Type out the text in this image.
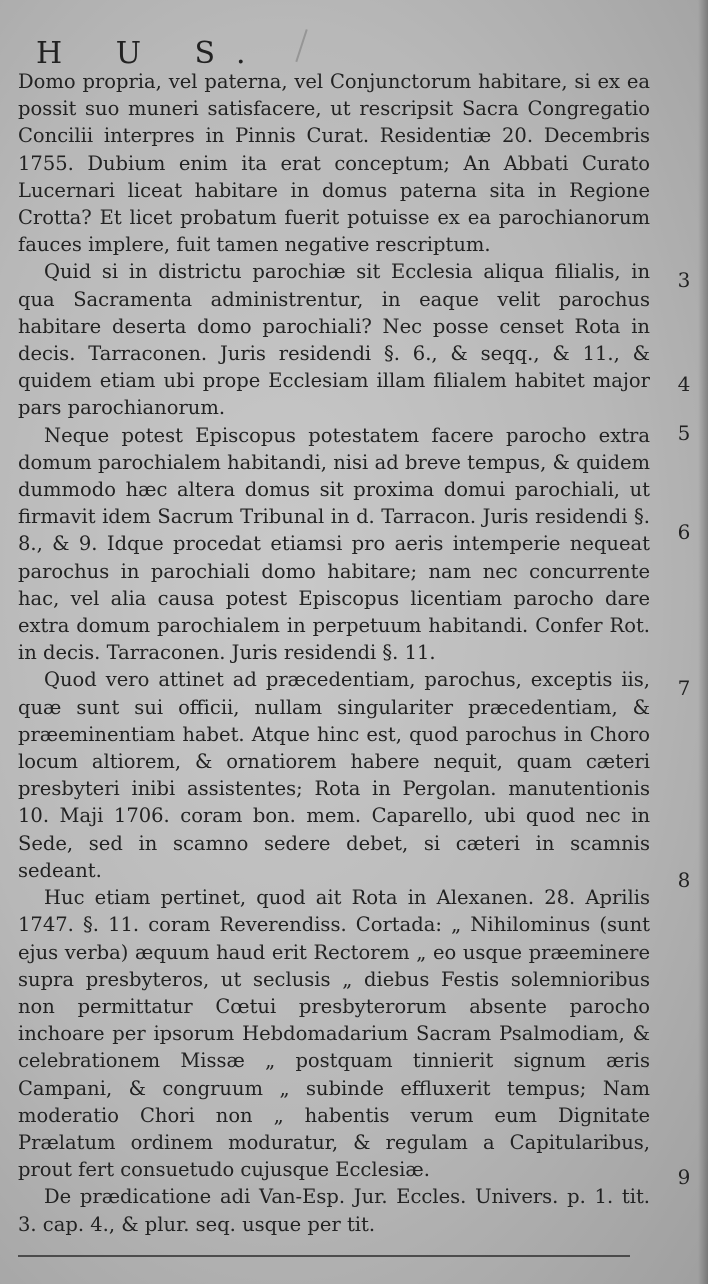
H U S.

Domo propria, vel paterna, vel Conjunctorum habitare, si ex ea possit suo muneri satisfacere, ut rescripsit Sacra Congregatio Concilii interpres in Pinnis Curat. Residentiæ 20. Decembris 1755. Dubium enim ita erat conceptum; An Abbati Curato Lucernari liceat habitare in domus paterna sita in Regione Crotta? Et licet probatum fuerit potuisse ex ea parochianorum fauces implere, fuit tamen negative rescriptum.

Quid si in districtu parochiæ sit Ecclesia aliqua filialis, in qua Sacramenta administrentur, in eaque velit parochus habitare deserta domo parochiali? Nec posse censet Rota in decis. Tarraconen. Juris residendi §. 6., & seqq., & 11., & quidem etiam ubi prope Ecclesiam illam filialem habitet major pars parochianorum.

Neque potest Episcopus potestatem facere parocho extra domum parochialem habitandi, nisi ad breve tempus, & quidem dummodo hæc altera domus sit proxima domui parochiali, ut firmavit idem Sacrum Tribunal in d. Tarracon. Juris residendi §. 8., & 9. Idque procedat etiamsi pro aeris intemperie nequeat parochus in parochiali domo habitare; nam nec concurrente hac, vel alia causa potest Episcopus licentiam parocho dare extra domum parochialem in perpetuum habitandi. Confer Rot. in decis. Tarraconen. Juris residendi §. 11.

Quod vero attinet ad præcedentiam, parochus, exceptis iis, quæ sunt sui officii, nullam singulariter præcedentiam, & præeminentiam habet. Atque hinc est, quod parochus in Choro locum altiorem, & ornatiorem habere nequit, quam cæteri presbyteri inibi assistentes; Rota in Pergolan. manutentionis 10. Maji 1706. coram bon. mem. Caparello, ubi quod nec in Sede, sed in scamno sedere debet, si cæteri in scamnis sedeant.

Huc etiam pertinet, quod ait Rota in Alexanen. 28. Aprilis 1747. §. 11. coram Reverendiss. Cortada: „ Nihilominus (sunt ejus verba) æquum haud erit Rectorem „ eo usque præeminere supra presbyteros, ut seclusis „ diebus Festis solemnioribus non permittatur Cœtui presbyterorum absente parocho inchoare per ipsorum Hebdomadarium Sacram Psalmodiam, & celebrationem Missæ „ postquam tinnierit signum æris Campani, & congruum „ subinde effluxerit tempus; Nam moderatio Chori non „ habentis verum eum Dignitate Prælatum ordinem moduratur, & regulam a Capitularibus, prout fert consuetudo cujusque Ecclesiæ.

De prædicatione adi Van-Esp. Jur. Eccles. Univers. p. 1. tit. 3. cap. 4., & plur. seq. usque per tit.

3
4
5
6
7
8
9
